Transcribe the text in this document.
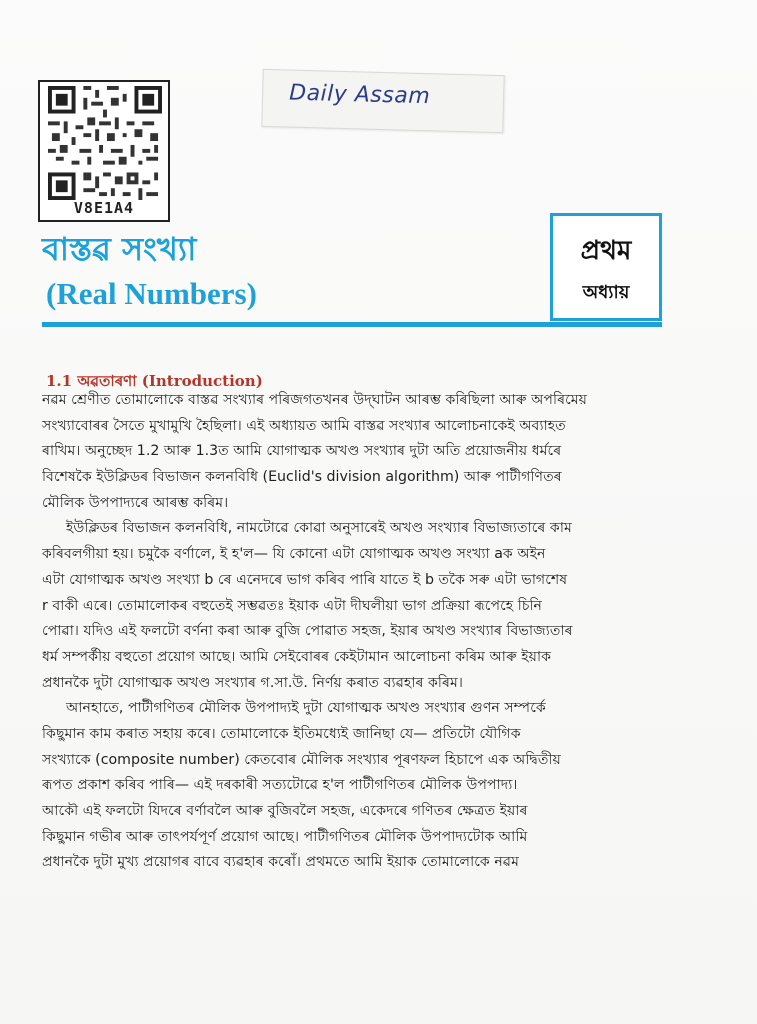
V8E1A4
Daily Assam
বাস্তৱ সংখ্যা
(Real Numbers)
প্ৰথম
অধ্যায়
1.1 অৱতাৰণা (Introduction)
নৱম শ্ৰেণীত তোমালোকে বাস্তৱ সংখ্যাৰ পৰিজগতখনৰ উদ্‌ঘাটন আৰম্ভ কৰিছিলা আৰু অপৰিমেয়
সংখ্যাবোৰৰ সৈতে মুখামুখি হৈছিলা। এই অধ্যায়ত আমি বাস্তৱ সংখ্যাৰ আলোচনাকেই অব্যাহত
ৰাখিম। অনুচ্ছেদ 1.2 আৰু 1.3ত আমি যোগাত্মক অখণ্ড সংখ্যাৰ দুটা অতি প্ৰয়োজনীয় ধৰ্মৰে
বিশেষকৈ ইউক্লিডৰ বিভাজন কলনবিধি (Euclid's division algorithm) আৰু পাটীগণিতৰ
মৌলিক উপপাদ্যৰে আৰম্ভ কৰিম।
ইউক্লিডৰ বিভাজন কলনবিধি, নামটোৱে কোৱা অনুসাৰেই অখণ্ড সংখ্যাৰ বিভাজ্যতাৰে কাম
কৰিবলগীয়া হয়। চমুকৈ বৰ্ণালে, ই হ'ল— যি কোনো এটা যোগাত্মক অখণ্ড সংখ্যা aক অইন
এটা যোগাত্মক অখণ্ড সংখ্যা b ৰে এনেদৰে ভাগ কৰিব পাৰি যাতে ই b তকৈ সৰু এটা ভাগশেষ
r বাকী এৰে। তোমালোকৰ বহুতেই সম্ভৱতঃ ইয়াক এটা দীঘলীয়া ভাগ প্ৰক্ৰিয়া ৰূপেহে চিনি
পোৱা। যদিও এই ফলটো বৰ্ণনা কৰা আৰু বুজি পোৱাত সহজ, ইয়াৰ অখণ্ড সংখ্যাৰ বিভাজ্যতাৰ
ধৰ্ম সম্পৰ্কীয় বহুতো প্ৰয়োগ আছে। আমি সেইবোৰৰ কেইটামান আলোচনা কৰিম আৰু ইয়াক
প্ৰধানকৈ দুটা যোগাত্মক অখণ্ড সংখ্যাৰ গ.সা.উ. নিৰ্ণয় কৰাত ব্যৱহাৰ কৰিম।
আনহাতে, পাটীগণিতৰ মৌলিক উপপাদ্যই দুটা যোগাত্মক অখণ্ড সংখ্যাৰ গুণন সম্পৰ্কে
কিছুমান কাম কৰাত সহায় কৰে। তোমালোকে ইতিমধ্যেই জানিছা যে— প্ৰতিটো যৌগিক
সংখ্যাকে (composite number) কেতবোৰ মৌলিক সংখ্যাৰ পূৰণফল হিচাপে এক অদ্বিতীয়
ৰূপত প্ৰকাশ কৰিব পাৰি— এই দৰকাৰী সত্যটোৱে হ'ল পাটীগণিতৰ মৌলিক উপপাদ্য।
আকৌ এই ফলটো যিদৰে বৰ্ণাবলৈ আৰু বুজিবলৈ সহজ, একেদৰে গণিতৰ ক্ষেত্ৰত ইয়াৰ
কিছুমান গভীৰ আৰু তাৎপৰ্যপূৰ্ণ প্ৰয়োগ আছে। পাটীগণিতৰ মৌলিক উপপাদ্যটোক আমি
প্ৰধানকৈ দুটা মুখ্য প্ৰয়োগৰ বাবে ব্যৱহাৰ কৰোঁ। প্ৰথমতে আমি ইয়াক তোমালোকে নৱম
